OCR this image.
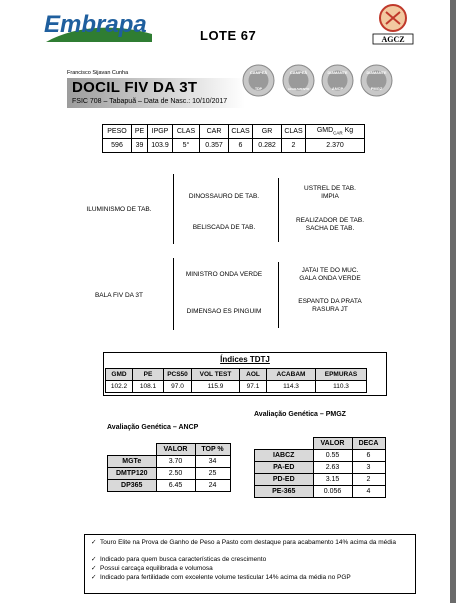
Embrapa	LOTE 67	AGCZ
Francisco Sijavan Cunha
DOCIL FIV DA 3T
FSIC 708 – Tabapuã – Data de Nasc.: 10/10/2017
CAMPEÃ
TDP
CAMPEÃ
ACABAMENTO
DIAMANTE
ANCP
DIAMANTE
PMGZ
PESO	PE	IPGP	CLAS	CAR	CLAS	GR	CLAS	$GMD_{CAR}$ Kg
596	39	103.9	5°	0.357	6	0.282	2	2.370
ILUMINISMO DE TAB.
DINOSSAURO DE TAB.
BELISCADA DE TAB.
USTREL DE TAB.
IMPIA
REALIZADOR DE TAB.
SACHA DE TAB.
BALA FIV DA 3T
MINISTRO ONDA VERDE
DIMENSAO ES PINGUIM
JATAI TE DO MUC.
GALA ONDA VERDE
ESPANTO DA PRATA
RASURA JT
Índices TDTJ
GMD	PE	PCS50	VOL TEST	AOL	ACABAM	EPMURAS
102.2	108.1	97.0	115.9	97.1	114.3	110.3
Avaliação Genética – ANCP
	VALOR	TOP %
MGTe	3.70	34
DMTP120	2.50	25
DP365	6.45	24
Avaliação Genética – PMGZ
	VALOR	DECA
IABCZ	0.55	6
PA-ED	2.63	3
PD-ED	3.15	2
PE-365	0.056	4
✓ Touro Elite na Prova de Ganho de Peso a Pasto com destaque para acabamento 14% acima da média
✓ Indicado para quem busca características de crescimento
✓ Possui carcaça equilibrada e volumosa
✓ Indicado para fertilidade com excelente volume testicular 14% acima da média no PGP
